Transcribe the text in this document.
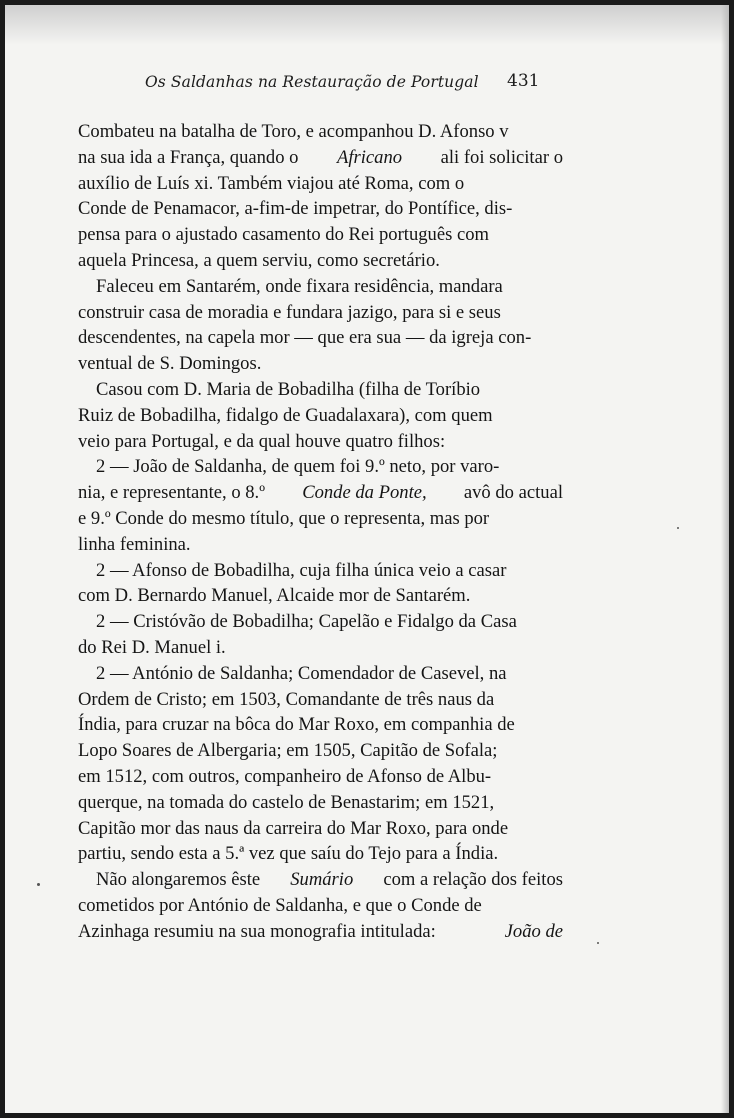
Os Saldanhas na Restauração de Portugal 431
Combateu na batalha de Toro, e acompanhou D. Afonso v
na sua ida a França, quando o Africano ali foi solicitar o
auxílio de Luís xi. Também viajou até Roma, com o
Conde de Penamacor, a-fim-de impetrar, do Pontífice, dis-
pensa para o ajustado casamento do Rei português com
aquela Princesa, a quem serviu, como secretário.
Faleceu em Santarém, onde fixara residência, mandara
construir casa de moradia e fundara jazigo, para si e seus
descendentes, na capela mor — que era sua — da igreja con-
ventual de S. Domingos.
Casou com D. Maria de Bobadilha (filha de Toríbio
Ruiz de Bobadilha, fidalgo de Guadalaxara), com quem
veio para Portugal, e da qual houve quatro filhos:
2 — João de Saldanha, de quem foi 9.º neto, por varo-
nia, e representante, o 8.º Conde da Ponte, avô do actual
e 9.º Conde do mesmo título, que o representa, mas por
linha feminina.
2 — Afonso de Bobadilha, cuja filha única veio a casar
com D. Bernardo Manuel, Alcaide mor de Santarém.
2 — Cristóvão de Bobadilha; Capelão e Fidalgo da Casa
do Rei D. Manuel i.
2 — António de Saldanha; Comendador de Casevel, na
Ordem de Cristo; em 1503, Comandante de três naus da
Índia, para cruzar na bôca do Mar Roxo, em companhia de
Lopo Soares de Albergaria; em 1505, Capitão de Sofala;
em 1512, com outros, companheiro de Afonso de Albu-
querque, na tomada do castelo de Benastarim; em 1521,
Capitão mor das naus da carreira do Mar Roxo, para onde
partiu, sendo esta a 5.ª vez que saíu do Tejo para a Índia.
Não alongaremos êste Sumário com a relação dos feitos
cometidos por António de Saldanha, e que o Conde de
Azinhaga resumiu na sua monografia intitulada:	João de
